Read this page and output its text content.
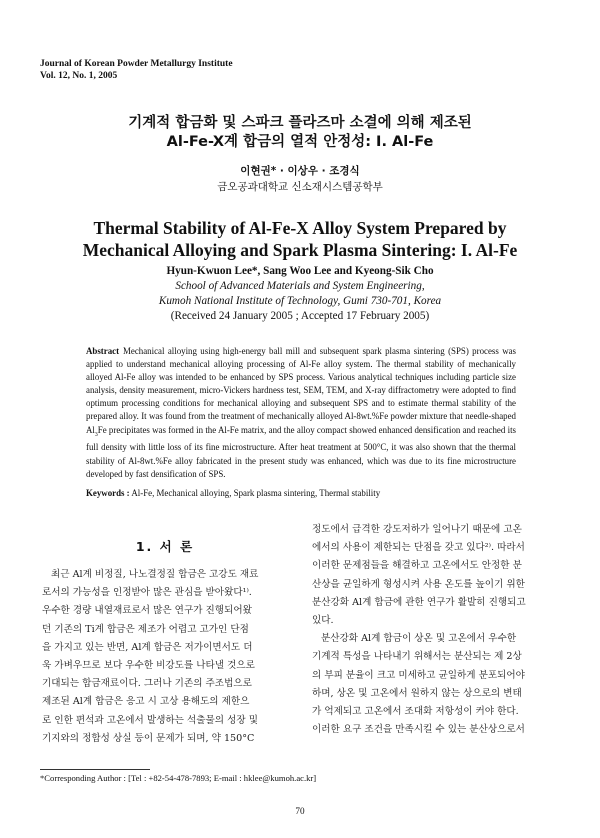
Journal of Korean Powder Metallurgy Institute
Vol. 12, No. 1, 2005
기계적 합금화 및 스파크 플라즈마 소결에 의해 제조된
Al-Fe-X계 합금의 열적 안정성: I. Al-Fe
이현권* · 이상우 · 조경식
금오공과대학교 신소재시스템공학부
Thermal Stability of Al-Fe-X Alloy System Prepared by
Mechanical Alloying and Spark Plasma Sintering: I. Al-Fe
Hyun-Kwuon Lee*, Sang Woo Lee and Kyeong-Sik Cho
School of Advanced Materials and System Engineering,
Kumoh National Institute of Technology, Gumi 730-701, Korea
(Received 24 January 2005 ; Accepted 17 February 2005)
Abstract Mechanical alloying using high-energy ball mill and subsequent spark plasma sintering (SPS) process was applied to understand mechanical alloying processing of Al-Fe alloy system. The thermal stability of mechanically alloyed Al-Fe alloy was intended to be enhanced by SPS process. Various analytical techniques including particle size analysis, density measurement, micro-Vickers hardness test, SEM, TEM, and X-ray diffractometry were adopted to find optimum processing conditions for mechanical alloying and subsequent SPS and to estimate thermal stability of the prepared alloy. It was found from the treatment of mechanically alloyed Al-8wt.%Fe powder mixture that needle-shaped $Al_3Fe$ precipitates was formed in the Al-Fe matrix, and the alloy compact showed enhanced densification and reached its full density with little loss of its fine microstructure. After heat treatment at 500°C, it was also shown that the thermal stability of Al-8wt.%Fe alloy fabricated in the present study was enhanced, which was due to its fine microstructure developed by fast densification of SPS.
Keywords : Al-Fe, Mechanical alloying, Spark plasma sintering, Thermal stability
1. 서 론
최근 Al계 비정질, 나노결정질 합금은 고강도 재료
로서의 가능성을 인정받아 많은 관심을 받아왔다¹⁾.
우수한 경량 내열재료로서 많은 연구가 진행되어왔
던 기존의 Ti계 합금은 제조가 어렵고 고가인 단점
을 가지고 있는 반면, Al계 합금은 저가이면서도 더
욱 가벼우므로 보다 우수한 비강도를 나타낼 것으로
기대되는 합금재료이다. 그러나 기존의 주조법으로
제조된 Al계 합금은 응고 시 고상 용해도의 제한으
로 인한 편석과 고온에서 발생하는 석출물의 성장 및
기지와의 정합성 상실 등이 문제가 되며, 약 150°C
정도에서 급격한 강도저하가 일어나기 때문에 고온
에서의 사용이 제한되는 단점을 갖고 있다²⁾. 따라서
이러한 문제점들을 해결하고 고온에서도 안정한 분
산상을 균일하게 형성시켜 사용 온도를 높이기 위한
분산강화 Al계 합금에 관한 연구가 활발히 진행되고
있다.
분산강화 Al계 합금이 상온 및 고온에서 우수한
기계적 특성을 나타내기 위해서는 분산되는 제 2상
의 부피 분율이 크고 미세하고 균일하게 분포되어야
하며, 상온 및 고온에서 원하지 않는 상으로의 변태
가 억제되고 고온에서 조대화 저항성이 커야 한다.
이러한 요구 조건을 만족시킬 수 있는 분산상으로서
*Corresponding Author : [Tel : +82-54-478-7893; E-mail : hklee@kumoh.ac.kr]
70
